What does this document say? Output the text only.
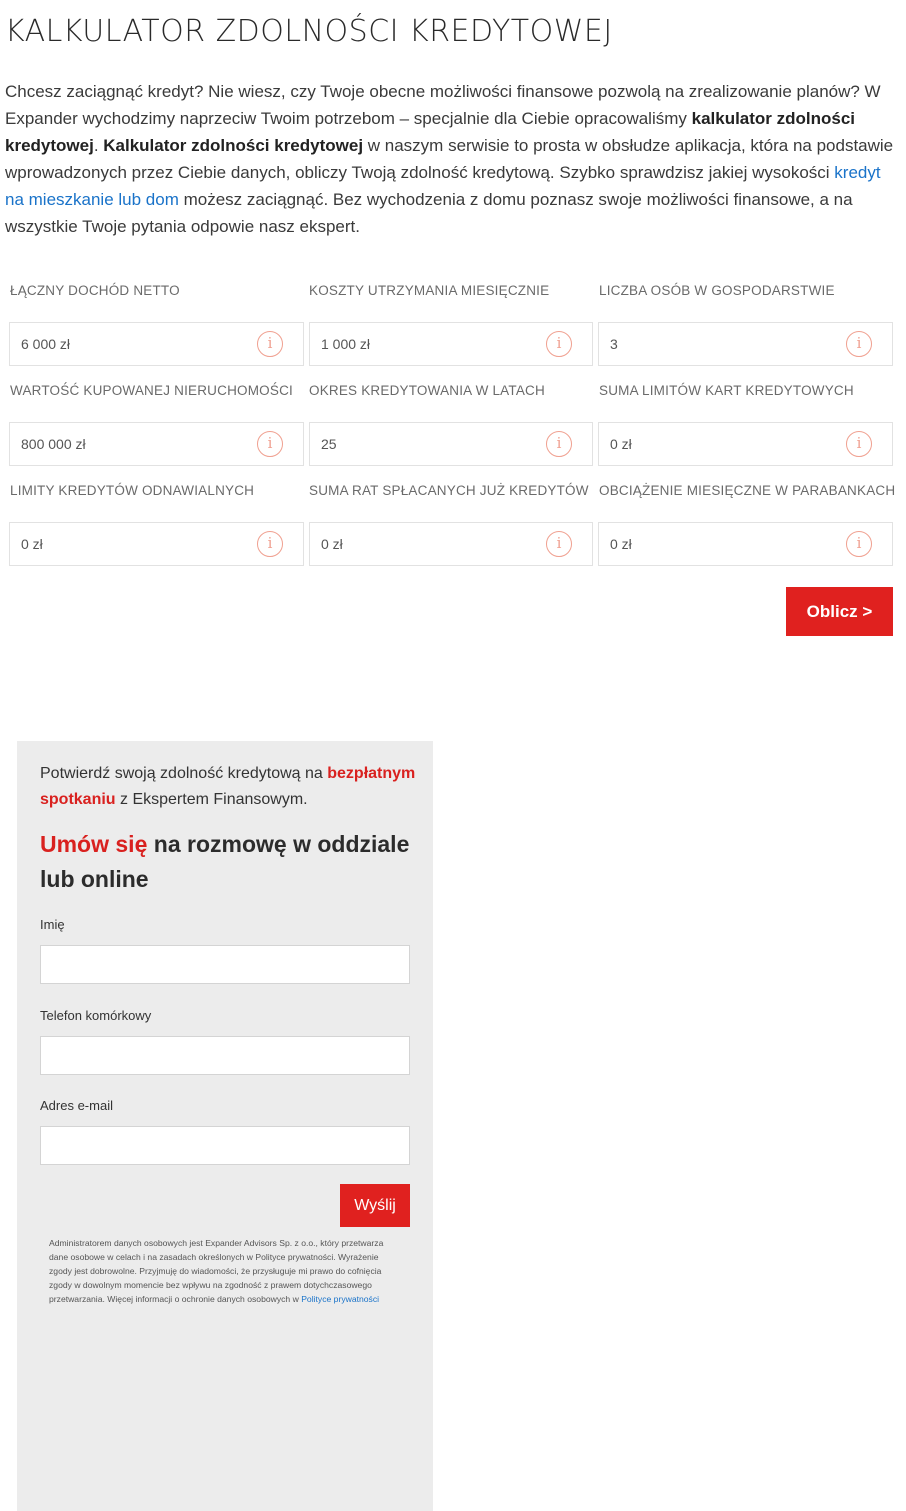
KALKULATOR ZDOLNOŚCI KREDYTOWEJ

Chcesz zaciągnąć kredyt? Nie wiesz, czy Twoje obecne możliwości finansowe pozwolą na zrealizowanie planów? W Expander wychodzimy naprzeciw Twoim potrzebom – specjalnie dla Ciebie opracowaliśmy kalkulator zdolności kredytowej. Kalkulator zdolności kredytowej w naszym serwisie to prosta w obsłudze aplikacja, która na podstawie wprowadzonych przez Ciebie danych, obliczy Twoją zdolność kredytową. Szybko sprawdzisz jakiej wysokości kredyt na mieszkanie lub dom możesz zaciągnąć. Bez wychodzenia z domu poznasz swoje możliwości finansowe, a na wszystkie Twoje pytania odpowie nasz ekspert.

ŁĄCZNY DOCHÓD NETTO
6 000 zł	i
KOSZTY UTRZYMANIA MIESIĘCZNIE
1 000 zł	i
LICZBA OSÓB W GOSPODARSTWIE
3	i
WARTOŚĆ KUPOWANEJ NIERUCHOMOŚCI
800 000 zł	i
OKRES KREDYTOWANIA W LATACH
25	i
SUMA LIMITÓW KART KREDYTOWYCH
0 zł	i
LIMITY KREDYTÓW ODNAWIALNYCH
0 zł	i
SUMA RAT SPŁACANYCH JUŻ KREDYTÓW
0 zł	i
OBCIĄŻENIE MIESIĘCZNE W PARABANKACH
0 zł	i
Oblicz >

Potwierdź swoją zdolność kredytową na bezpłatnym spotkaniu z Ekspertem Finansowym.

Umów się na rozmowę w oddziale lub online
Imię
Telefon komórkowy
Adres e-mail
Wyślij

Administratorem danych osobowych jest Expander Advisors Sp. z o.o., który przetwarza dane osobowe w celach i na zasadach określonych w Polityce prywatności. Wyrażenie zgody jest dobrowolne. Przyjmuję do wiadomości, że przysługuje mi prawo do cofnięcia zgody w dowolnym momencie bez wpływu na zgodność z prawem dotychczasowego przetwarzania. Więcej informacji o ochronie danych osobowych w Polityce prywatności
